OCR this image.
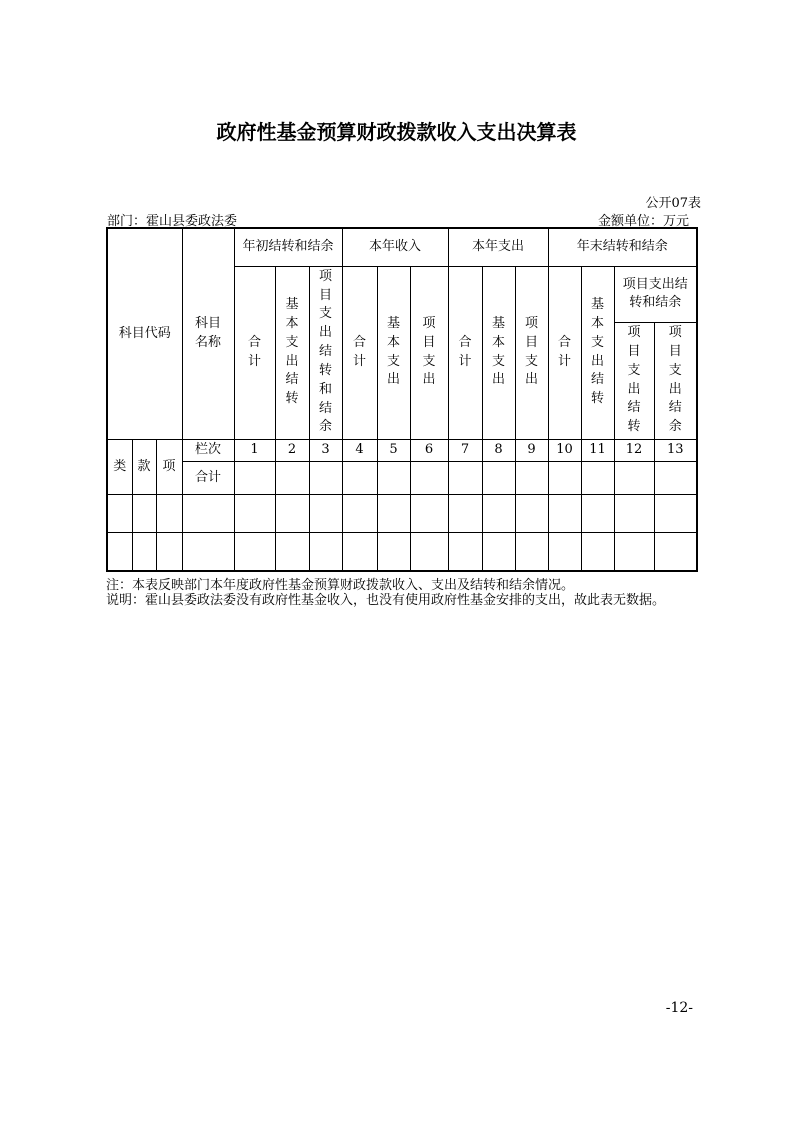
政府性基金预算财政拨款收入支出决算表
公开07表
部门：霍山县委政法委	金额单位：万元
科目代码			科目名称	年初结转和结余			本年收入			本年支出			年末结转和结余			
				合计	基本支出结转	项目支出结转和结余	合计	基本支出	项目支出	合计	基本支出	项目支出	合计	基本支出结转	项目支出结转和结余	
															项目支出结转	项目支出结余
类	款	项	栏次	1	2	3	4	5	6	7	8	9	10	11	12	13
			合计													

注：本表反映部门本年度政府性基金预算财政拨款收入、支出及结转和结余情况。
说明：霍山县委政法委没有政府性基金收入，也没有使用政府性基金安排的支出，故此表无数据。
-12-
